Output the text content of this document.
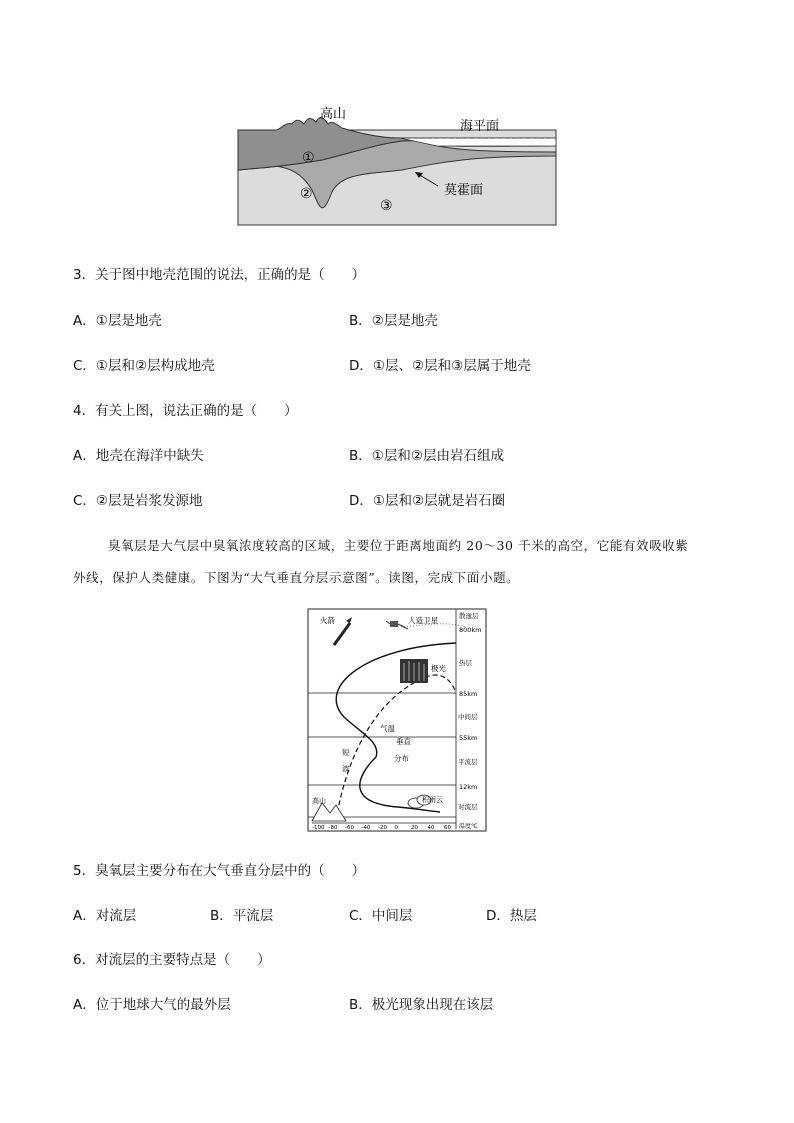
①
②
③
高山
海平面
莫霍面
3．关于图中地壳范围的说法，正确的是（　　）
A．①层是地壳	B．②层是地壳
C．①层和②层构成地壳	D．①层、②层和③层属于地壳
4．有关上图，说法正确的是（　　）
A．地壳在海洋中缺失	B．①层和②层由岩石组成
C．②层是岩浆发源地	D．①层和②层就是岩石圈
臭氧层是大气层中臭氧浓度较高的区域，主要位于距离地面约 20～30 千米的高空，它能有效吸收紫
外线，保护人类健康。下图为“大气垂直分层示意图”。读图，完成下面小题。
火箭	人造卫星
极光
气温
垂直
分布
短
波
高山	积雨云
散逸层
800km
热层
85km
中间层
55km
平流层
12km
对流层
-100 -80 -60 -40 -20 0 20 40 60 温度℃
5．臭氧层主要分布在大气垂直分层中的（　　）
A．对流层	B．平流层	C．中间层	D．热层
6．对流层的主要特点是（　　）
A．位于地球大气的最外层	B．极光现象出现在该层
